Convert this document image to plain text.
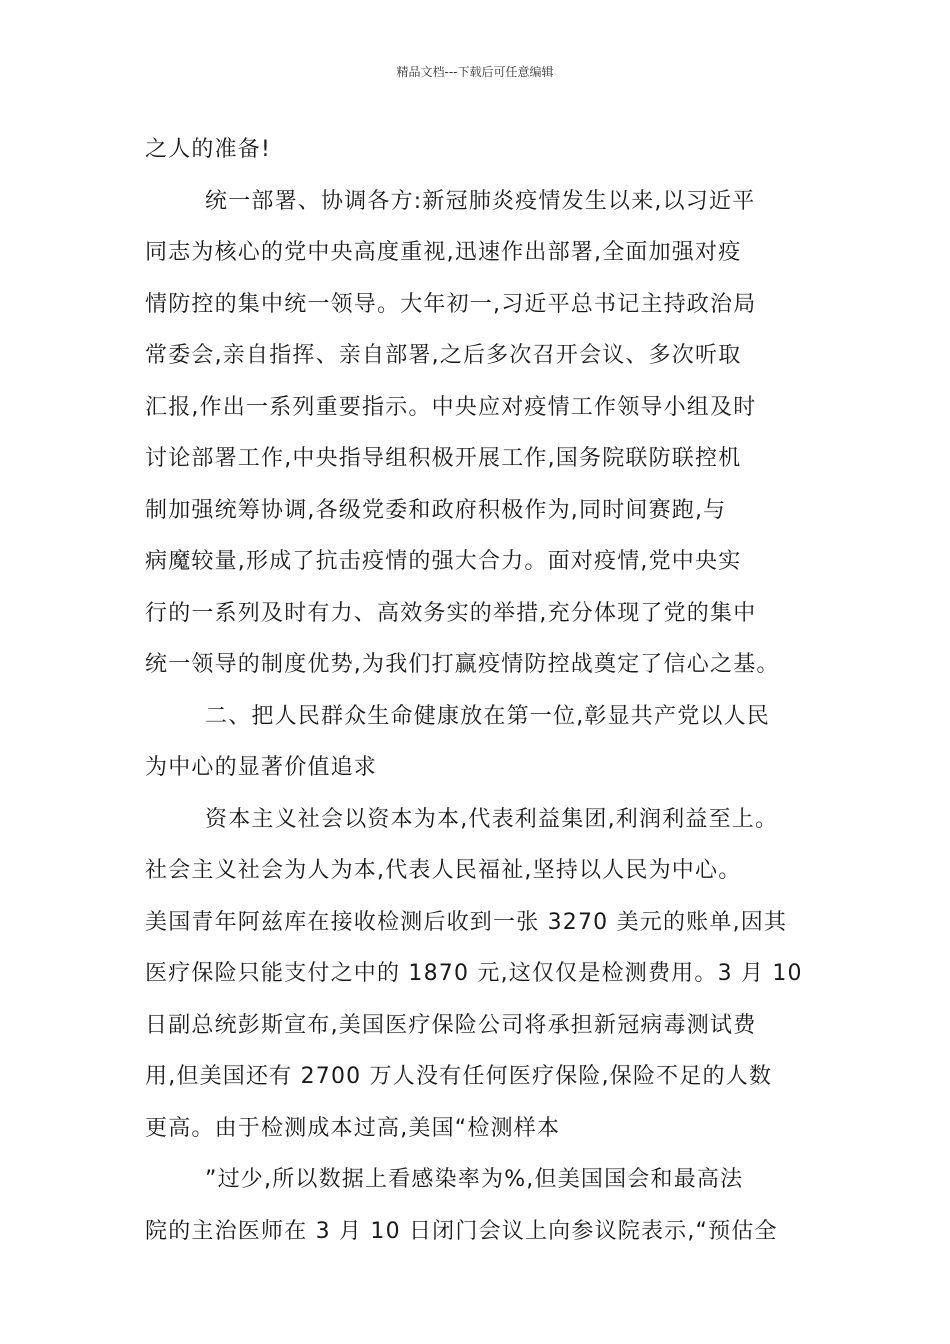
精品文档---下载后可任意编辑
之人的准备!
统一部署、协调各方:新冠肺炎疫情发生以来,以习近平
同志为核心的党中央高度重视,迅速作出部署,全面加强对疫
情防控的集中统一领导。大年初一,习近平总书记主持政治局
常委会,亲自指挥、亲自部署,之后多次召开会议、多次听取
汇报,作出一系列重要指示。中央应对疫情工作领导小组及时
讨论部署工作,中央指导组积极开展工作,国务院联防联控机
制加强统筹协调,各级党委和政府积极作为,同时间赛跑,与
病魔较量,形成了抗击疫情的强大合力。面对疫情,党中央实
行的一系列及时有力、高效务实的举措,充分体现了党的集中
统一领导的制度优势,为我们打赢疫情防控战奠定了信心之基。
二、把人民群众生命健康放在第一位,彰显共产党以人民
为中心的显著价值追求
资本主义社会以资本为本,代表利益集团,利润利益至上。
社会主义社会为人为本,代表人民福祉,坚持以人民为中心。
美国青年阿兹库在接收检测后收到一张 3270 美元的账单,因其
医疗保险只能支付之中的 1870 元,这仅仅是检测费用。3 月 10
日副总统彭斯宣布,美国医疗保险公司将承担新冠病毒测试费
用,但美国还有 2700 万人没有任何医疗保险,保险不足的人数
更高。由于检测成本过高,美国“检测样本
”过少,所以数据上看感染率为%,但美国国会和最高法
院的主治医师在 3 月 10 日闭门会议上向参议院表示,“预估全
